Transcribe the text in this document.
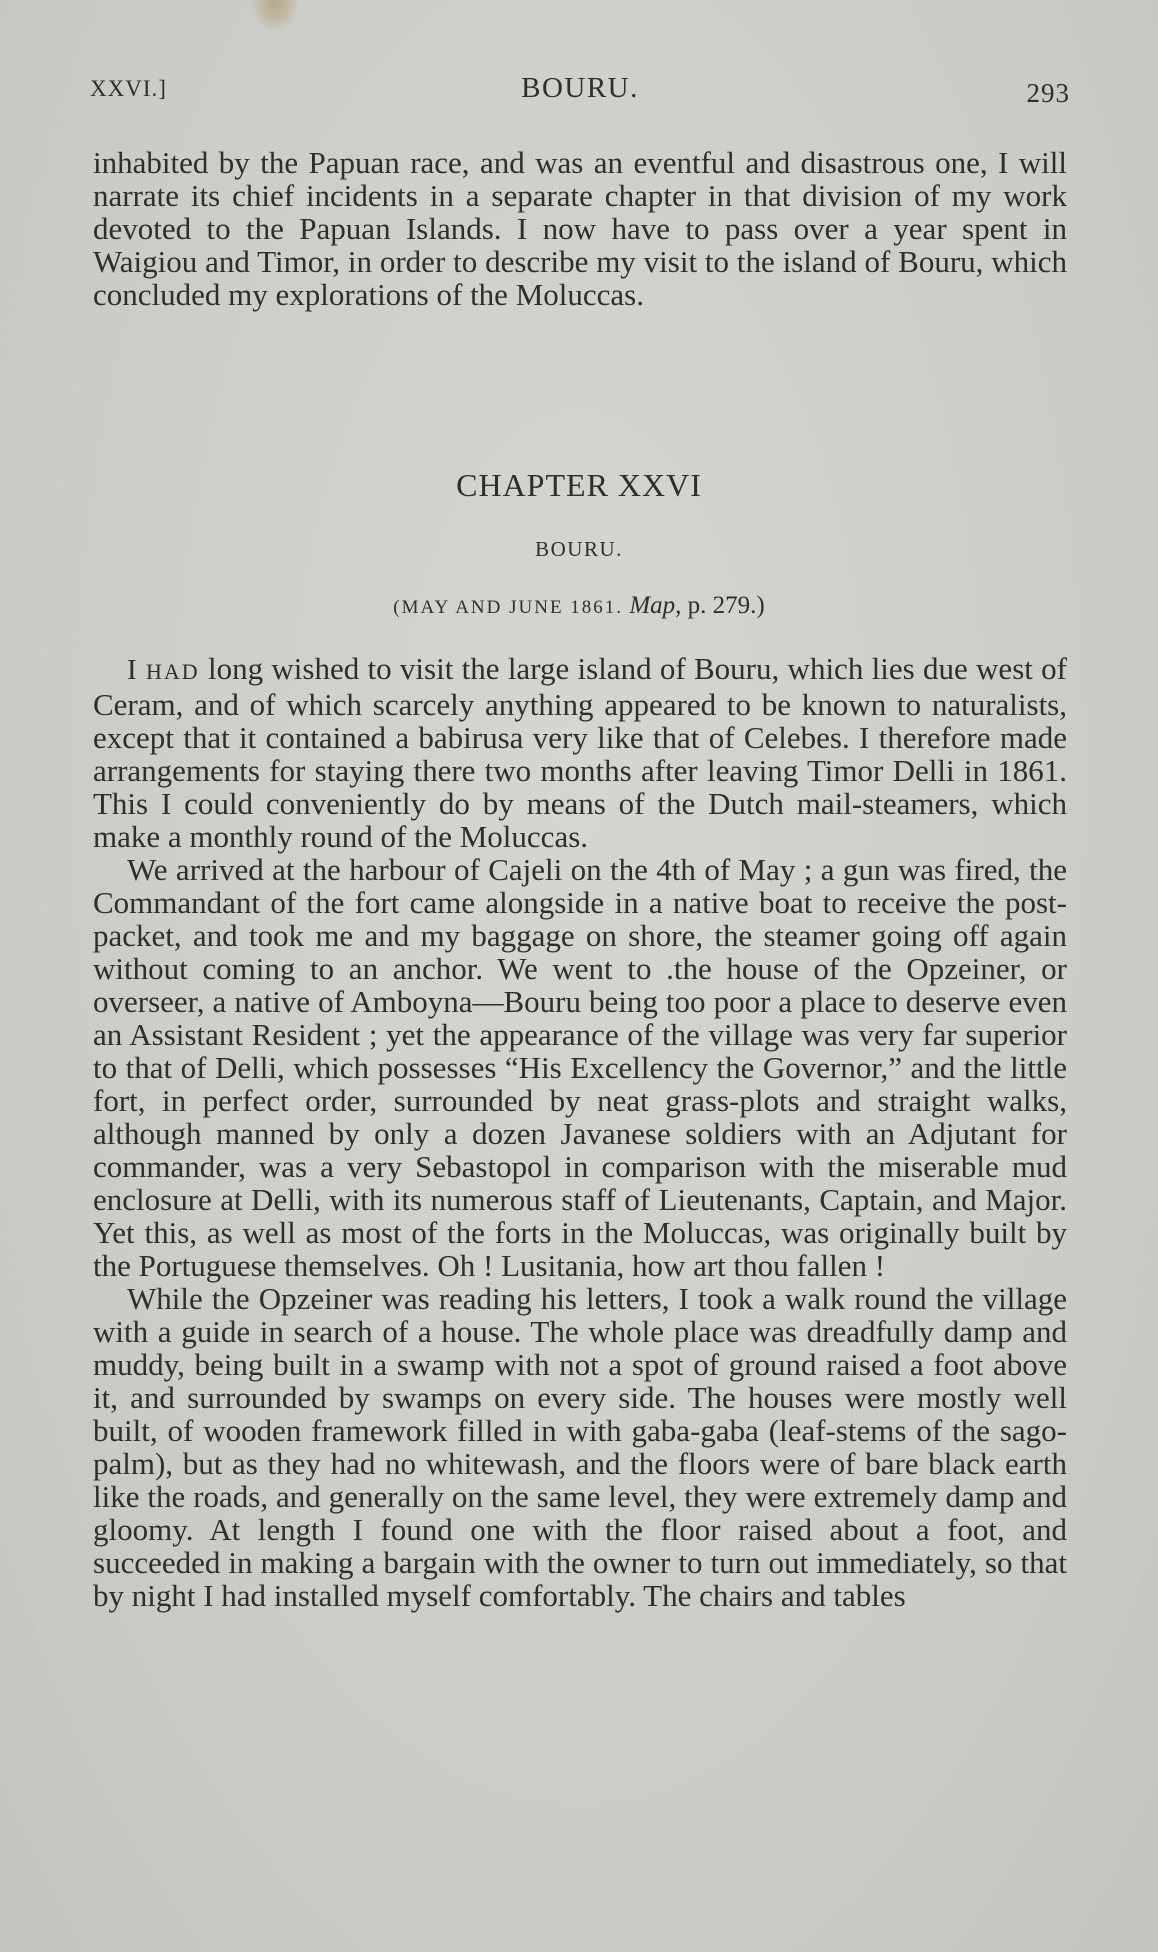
XXVI.]	BOURU.	293

inhabited by the Papuan race, and was an eventful and disastrous one, I will narrate its chief incidents in a separate chapter in that division of my work devoted to the Papuan Islands. I now have to pass over a year spent in Waigiou and Timor, in order to describe my visit to the island of Bouru, which concluded my explorations of the Moluccas.

CHAPTER XXVI
BOURU.
(MAY AND JUNE 1861. Map, p. 279.)

I HAD long wished to visit the large island of Bouru, which lies due west of Ceram, and of which scarcely anything appeared to be known to naturalists, except that it contained a babirusa very like that of Celebes. I therefore made arrangements for staying there two months after leaving Timor Delli in 1861. This I could conveniently do by means of the Dutch mail-steamers, which make a monthly round of the Moluccas.

We arrived at the harbour of Cajeli on the 4th of May ; a gun was fired, the Commandant of the fort came alongside in a native boat to receive the post-packet, and took me and my baggage on shore, the steamer going off again without coming to an anchor. We went to .the house of the Opzeiner, or overseer, a native of Amboyna—Bouru being too poor a place to deserve even an Assistant Resident ; yet the appearance of the village was very far superior to that of Delli, which possesses “His Excellency the Governor,” and the little fort, in perfect order, surrounded by neat grass-plots and straight walks, although manned by only a dozen Javanese soldiers with an Adjutant for commander, was a very Sebastopol in comparison with the miserable mud enclosure at Delli, with its numerous staff of Lieutenants, Captain, and Major. Yet this, as well as most of the forts in the Moluccas, was originally built by the Portuguese themselves. Oh ! Lusitania, how art thou fallen !

While the Opzeiner was reading his letters, I took a walk round the village with a guide in search of a house. The whole place was dreadfully damp and muddy, being built in a swamp with not a spot of ground raised a foot above it, and surrounded by swamps on every side. The houses were mostly well built, of wooden framework filled in with gaba-gaba (leaf-stems of the sago-palm), but as they had no whitewash, and the floors were of bare black earth like the roads, and generally on the same level, they were extremely damp and gloomy. At length I found one with the floor raised about a foot, and succeeded in making a bargain with the owner to turn out immediately, so that by night I had installed myself comfortably. The chairs and tables
